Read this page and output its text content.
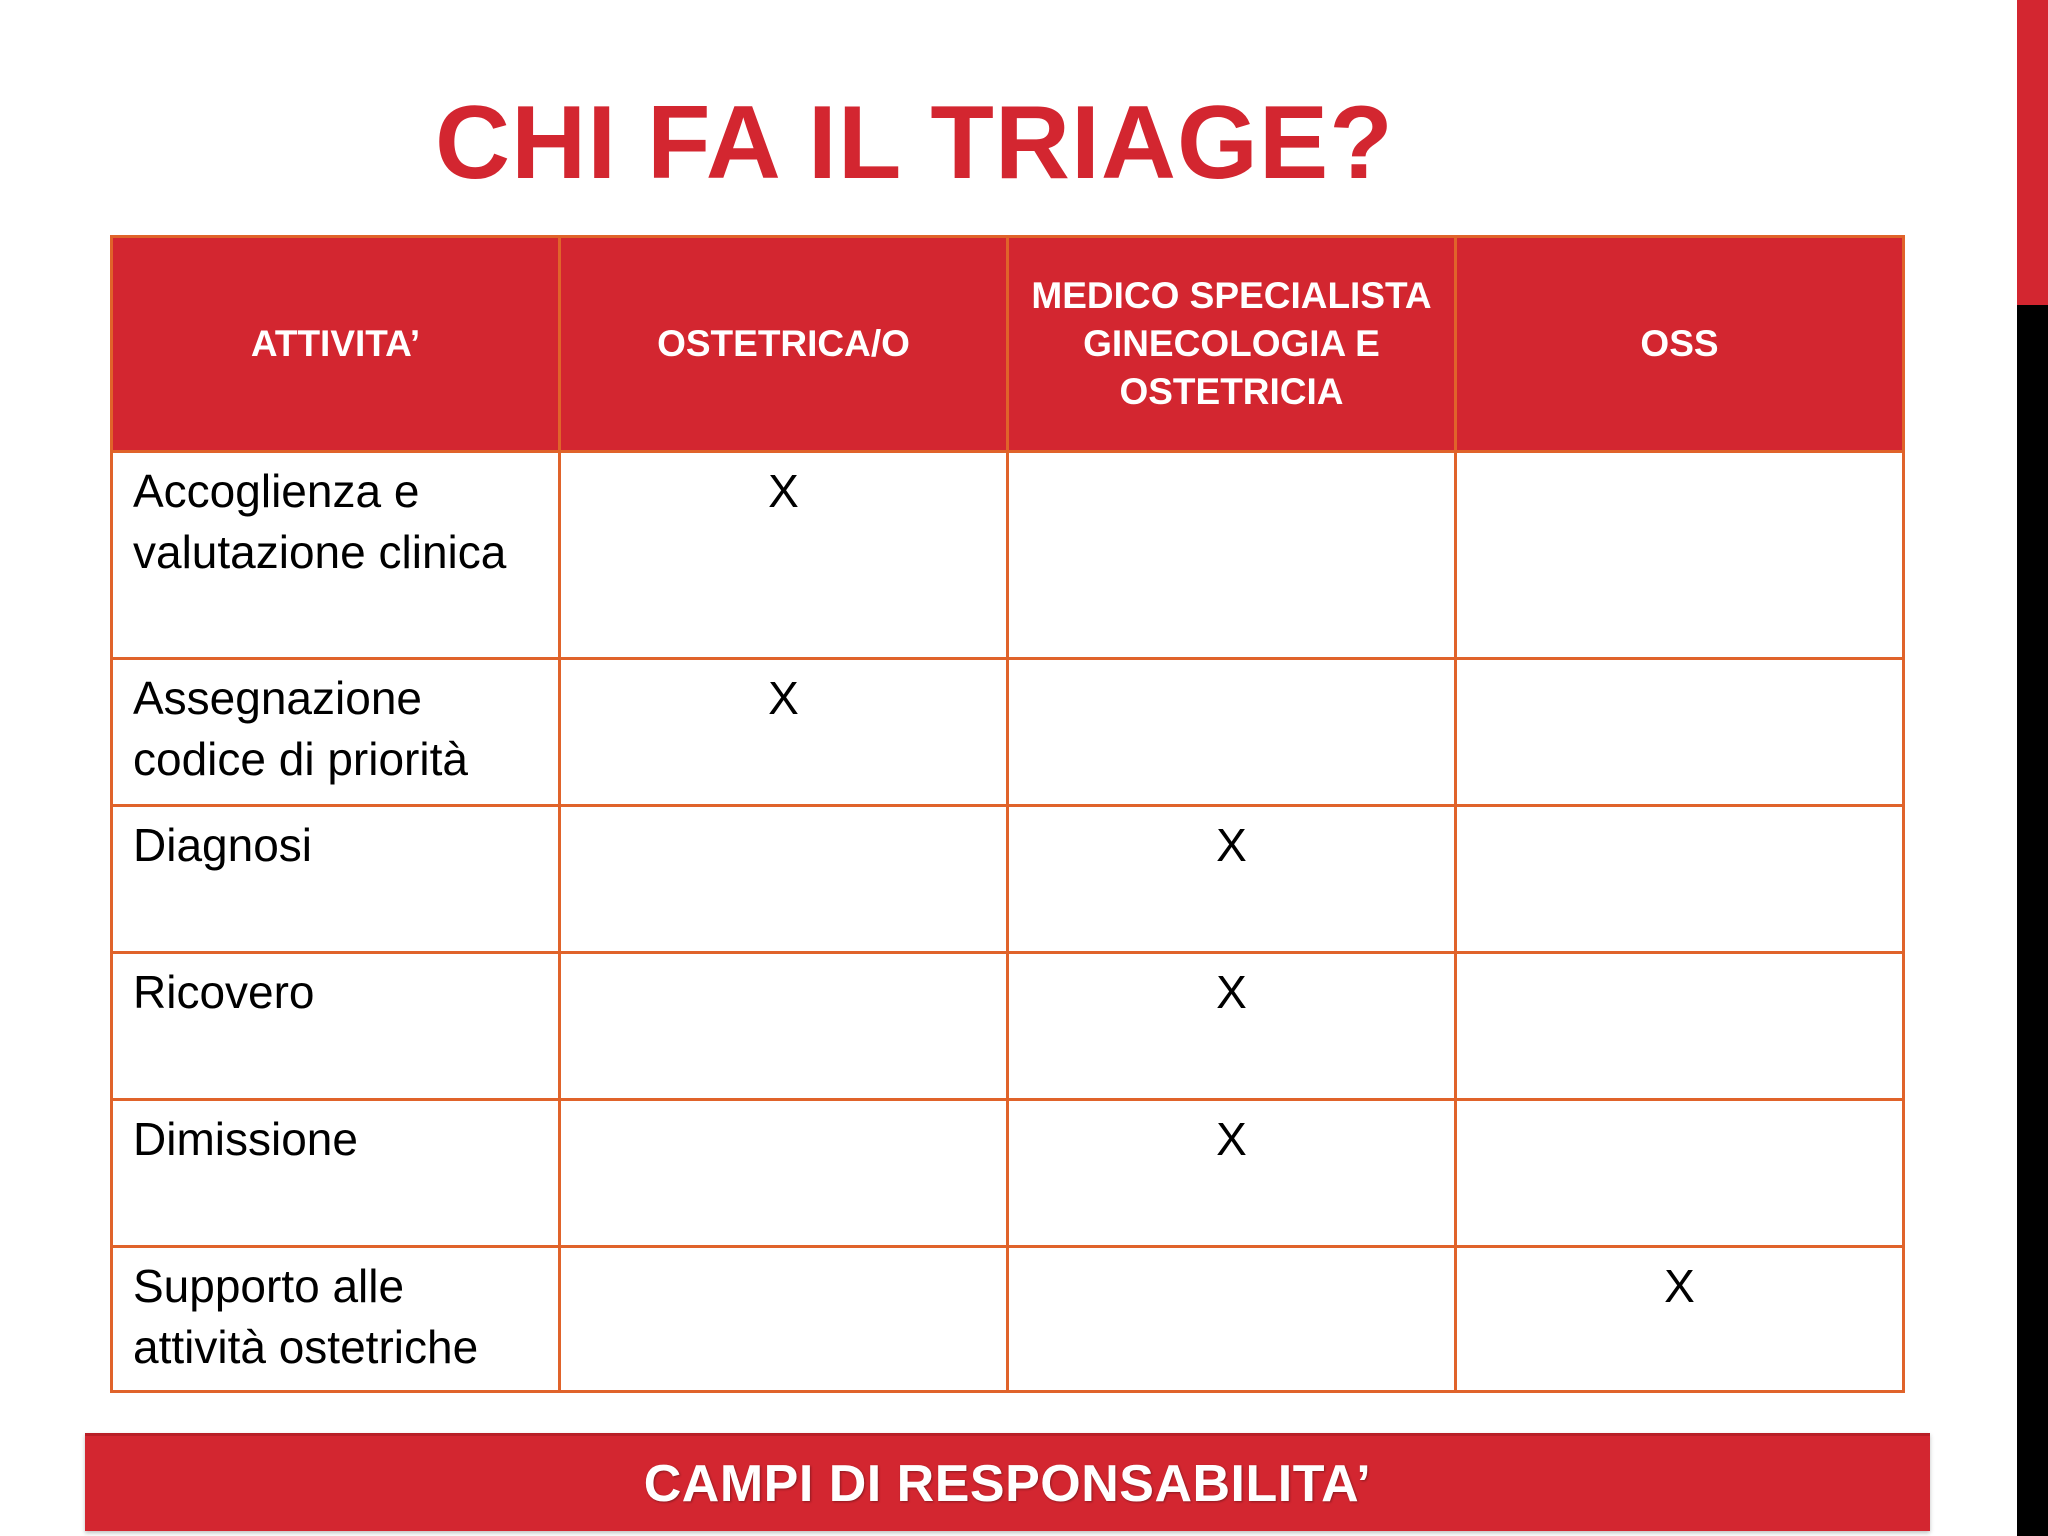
CHI FA IL TRIAGE?
ATTIVITA’	OSTETRICA/O	MEDICO SPECIALISTA GINECOLOGIA E OSTETRICIA	OSS
Accoglienza e valutazione clinica	X		
Assegnazione codice di priorità	X		
Diagnosi		X	
Ricovero		X	
Dimissione		X	
Supporto alle attività ostetriche			X
CAMPI DI RESPONSABILITA’
